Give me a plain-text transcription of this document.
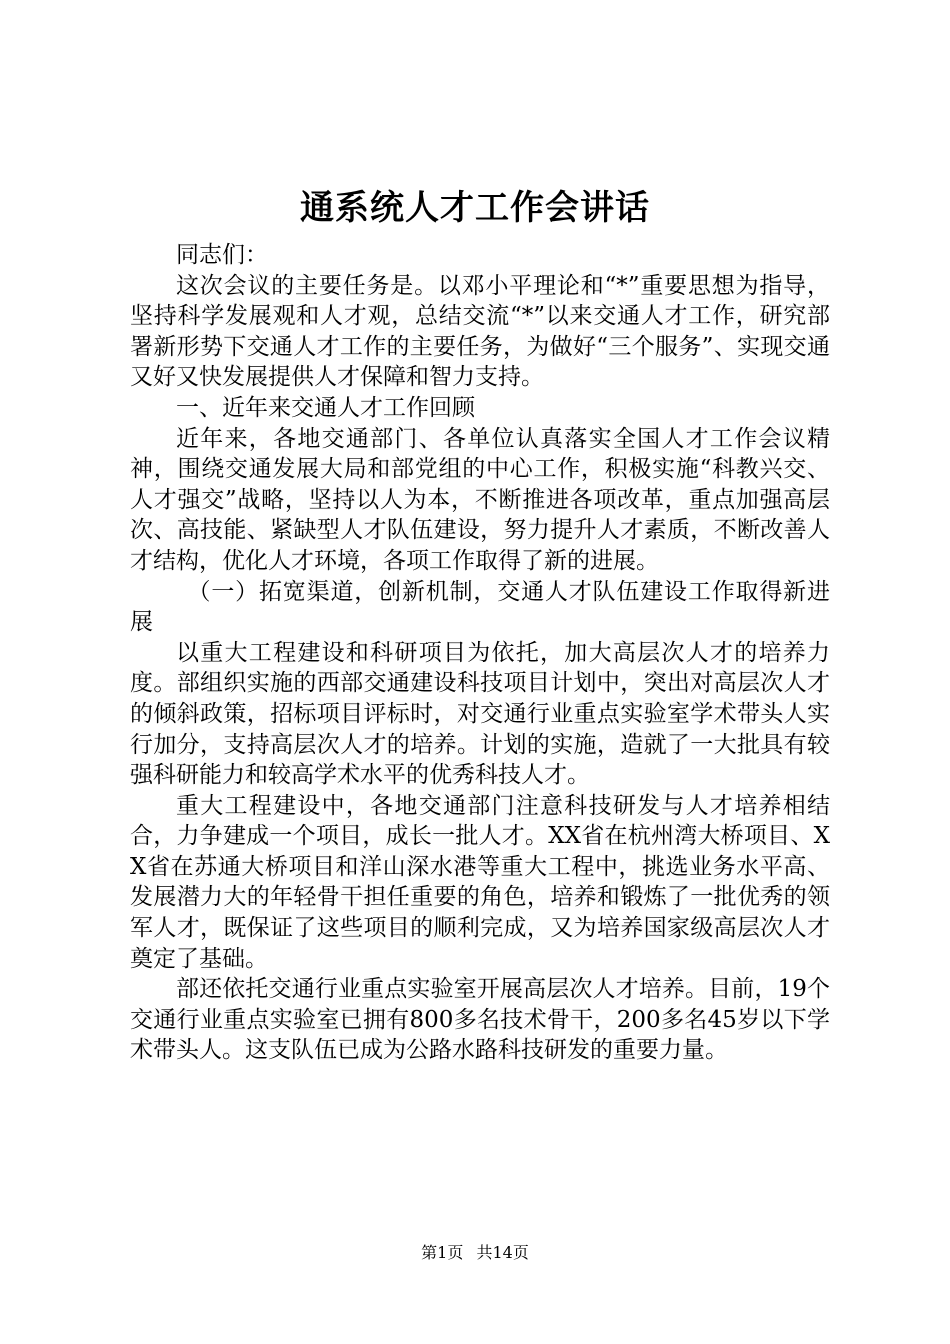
通系统人才工作会讲话

同志们：

这次会议的主要任务是。以邓小平理论和“*”重要思想为指导，坚持科学发展观和人才观，总结交流“*”以来交通人才工作，研究部署新形势下交通人才工作的主要任务，为做好“三个服务”、实现交通又好又快发展提供人才保障和智力支持。

一、近年来交通人才工作回顾

近年来，各地交通部门、各单位认真落实全国人才工作会议精神，围绕交通发展大局和部党组的中心工作，积极实施“科教兴交、人才强交”战略，坚持以人为本，不断推进各项改革，重点加强高层次、高技能、紧缺型人才队伍建设，努力提升人才素质，不断改善人才结构，优化人才环境，各项工作取得了新的进展。

（一）拓宽渠道，创新机制，交通人才队伍建设工作取得新进展

以重大工程建设和科研项目为依托，加大高层次人才的培养力度。部组织实施的西部交通建设科技项目计划中，突出对高层次人才的倾斜政策，招标项目评标时，对交通行业重点实验室学术带头人实行加分，支持高层次人才的培养。计划的实施，造就了一大批具有较强科研能力和较高学术水平的优秀科技人才。

重大工程建设中，各地交通部门注意科技研发与人才培养相结合，力争建成一个项目，成长一批人才。XX省在杭州湾大桥项目、XX省在苏通大桥项目和洋山深水港等重大工程中，挑选业务水平高、发展潜力大的年轻骨干担任重要的角色，培养和锻炼了一批优秀的领军人才，既保证了这些项目的顺利完成，又为培养国家级高层次人才奠定了基础。

部还依托交通行业重点实验室开展高层次人才培养。目前，19个交通行业重点实验室已拥有800多名技术骨干，200多名45岁以下学术带头人。这支队伍已成为公路水路科技研发的重要力量。

第1页 共14页
